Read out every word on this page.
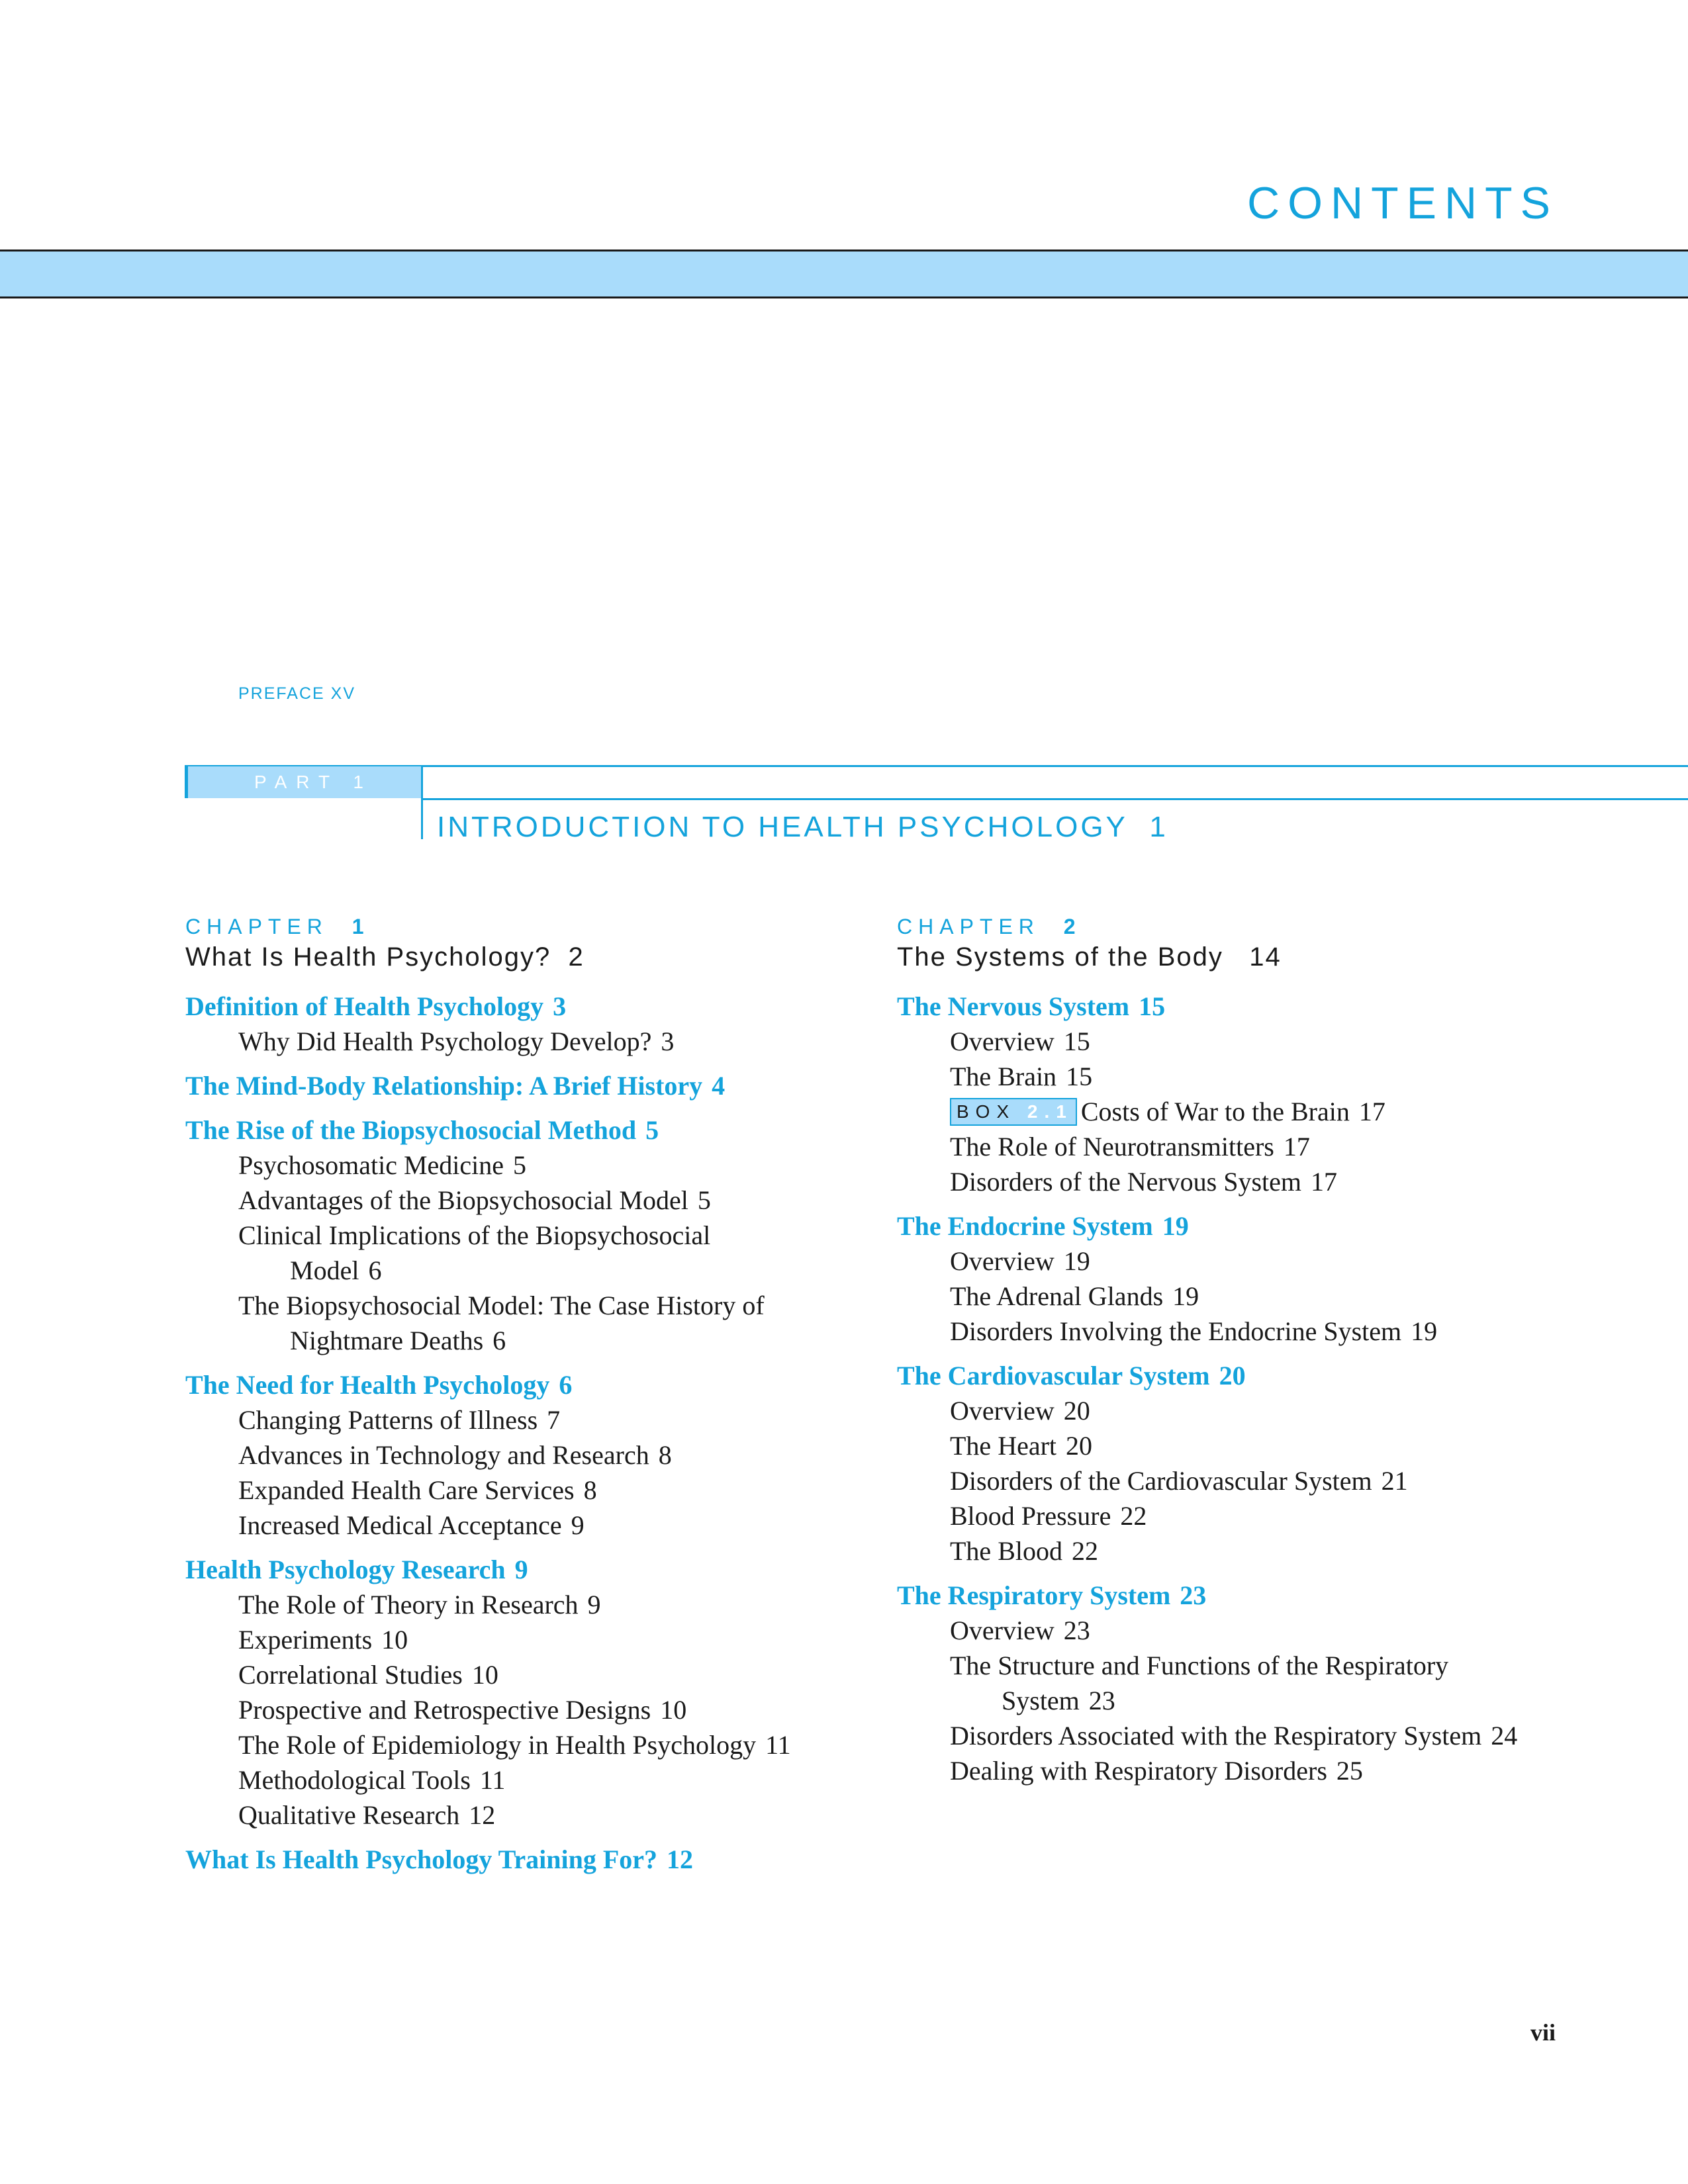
CONTENTS
PREFACE XV
PART 1
INTRODUCTION TO HEALTH PSYCHOLOGY 1
CHAPTER 1
What Is Health Psychology? 2
Definition of Health Psychology 3
Why Did Health Psychology Develop? 3
The Mind-Body Relationship: A Brief History 4
The Rise of the Biopsychosocial Method 5
Psychosomatic Medicine 5
Advantages of the Biopsychosocial Model 5
Clinical Implications of the Biopsychosocial
Model 6
The Biopsychosocial Model: The Case History of
Nightmare Deaths 6
The Need for Health Psychology 6
Changing Patterns of Illness 7
Advances in Technology and Research 8
Expanded Health Care Services 8
Increased Medical Acceptance 9
Health Psychology Research 9
The Role of Theory in Research 9
Experiments 10
Correlational Studies 10
Prospective and Retrospective Designs 10
The Role of Epidemiology in Health Psychology 11
Methodological Tools 11
Qualitative Research 12
What Is Health Psychology Training For? 12
CHAPTER 2
The Systems of the Body 14
The Nervous System 15
Overview 15
The Brain 15
BOX 2.1 Costs of War to the Brain 17
The Role of Neurotransmitters 17
Disorders of the Nervous System 17
The Endocrine System 19
Overview 19
The Adrenal Glands 19
Disorders Involving the Endocrine System 19
The Cardiovascular System 20
Overview 20
The Heart 20
Disorders of the Cardiovascular System 21
Blood Pressure 22
The Blood 22
The Respiratory System 23
Overview 23
The Structure and Functions of the Respiratory
System 23
Disorders Associated with the Respiratory System 24
Dealing with Respiratory Disorders 25
vii
